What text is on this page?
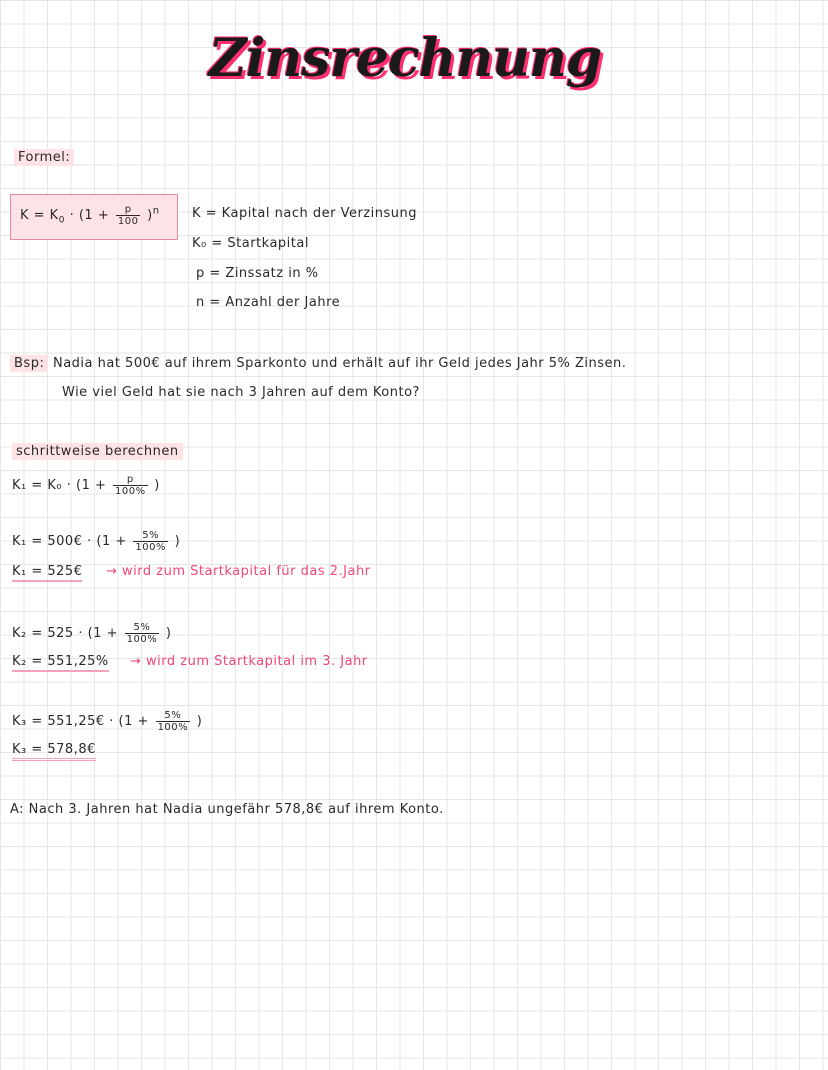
Zinsrechnung
Formel:
$K = K_0 \cdot (1 + \frac{p}{100} )^n$ K = Kapital nach der Verzinsung
K₀ = Startkapital
p = Zinssatz in %
n = Anzahl der Jahre
Bsp: Nadia hat 500€ auf ihrem Sparkonto und erhält auf ihr Geld jedes Jahr 5% Zinsen.
Wie viel Geld hat sie nach 3 Jahren auf dem Konto?
schrittweise berechnen
$K_1 = K_0 \cdot (1 + \frac{p}{100\%}$ )
K₁ = 500€ · ($1 + \frac{5\%}{100\%}$ )
K₁ = 525€ → wird zum Startkapital für das 2.Jahr
$K_2 = 525 \cdot (1 + \frac{5\%}{100\%}$ )
K₂ = 551,25% → wird zum Startkapital im 3. Jahr
K₃ = 551,25€ · ($1 + \frac{5\%}{100\%}$ )
K₃ = 578,8€
A: Nach 3. Jahren hat Nadia ungefähr 578,8€ auf ihrem Konto.
